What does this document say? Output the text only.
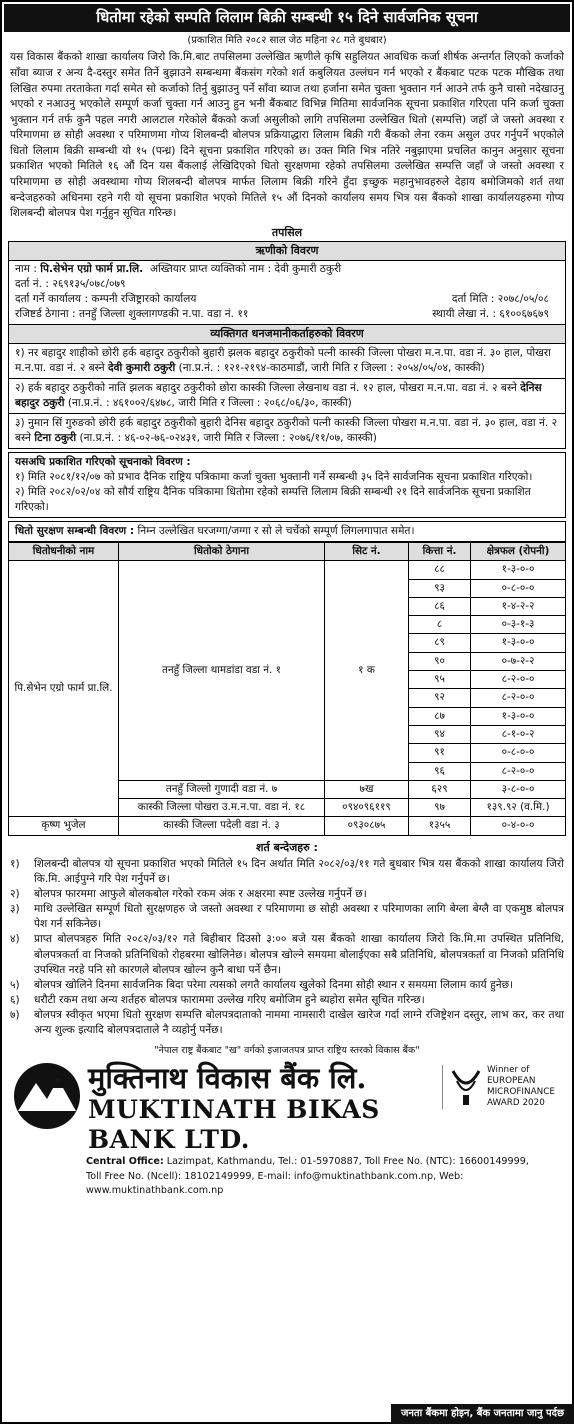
धितोमा रहेको सम्पति लिलाम बिक्री सम्बन्धी १५ दिने सार्वजनिक सूचना
(प्रकाशित मिति २०८२ साल जेठ महिना २८ गते बुधबार)
यस विकास बैंकको शाखा कार्यालय जिरो कि.मि.बाट तपसिलमा उल्लेखित ऋणीले कृषि सहुलियत आवधिक कर्जा शीर्षक अन्तर्गत लिएको कर्जाको साँवा ब्याज र अन्य दै-दस्तुर समेत तिर्ने बुझाउने सम्बन्धमा बैंकसंग गरेको शर्त कबुलियत उल्लंघन गर्न भएको र बैंकबाट पटक पटक मौखिक तथा लिखित रुपमा तरताकेता गर्दा समेत सो कर्जाको तिर्नु बुझाउनु पर्ने साँवा ब्याज तथा हर्जाना समेत चुक्ता भुक्तान गर्न आउने तर्फ कुनै चासो नदेखाउनु भएको र नआउनु भएकोले सम्पूर्ण कर्जा चुक्ता गर्न आउनु हुन भनी बैंकबाट विभिन्न मितिमा सार्वजनिक सूचना प्रकाशित गरिएता पनि कर्जा चुक्ता भुक्तान गर्न तर्फ कुनै पहल नगरी आलटाल गरेकोले बैंकको कर्जा असुलीको लागि तपसिलमा उल्लेखित धितो (सम्पत्ति) जहाँ जे जस्तो अवस्था र परिमाणमा छ सोही अवस्था र परिमाणमा गोप्य शिलबन्दी बोलपत्र प्रक्रियाद्धारा लिलाम बिक्री गरी बैंकको लेना रकम असुल उपर गर्नुपर्ने भएकोले धितो लिलाम बिक्री सम्बन्धी यो १५ (पन्ध्र) दिने सूचना प्रकाशित गरिएको छ। उक्त मिति भित्र नतिरे नबुझाएमा प्रचलित कानुन अनुसार सूचना प्रकाशित भएको मितिले १६ औं दिन यस बैंकलाई लेखिदिएको धितो सुरक्षणमा रहेको तपसिलमा उल्लेखित सम्पत्ति जहाँ जे जस्तो अवस्था र परिमाणमा छ सोही अवस्थामा गोप्य शिलबन्दी बोलपत्र मार्फत लिलाम बिक्री गरिने हुँदा इच्छुक महानुभावहरुले देहाय बमोजिमको शर्त तथा बन्देजहरुको अधिनमा रहने गरी यो सूचना प्रकाशित भएको मितिले १५ औं दिनको कार्यालय समय भित्र यस बैंकको शाखा कार्यालयहरुमा गोप्य शिलबन्दी बोलपत्र पेश गर्नुहुन सूचित गरिन्छ।
तपसिल
ऋणीको विवरण
नाम : पि.सेभेन एग्रो फार्म प्रा.लि. अख्तियार प्राप्त व्यक्तिको नाम : देवी कुमारी ठकुरी
दर्ता नं. : २६९१३५/०७८/०७९
दर्ता गर्ने कार्यालय : कम्पनी रजिष्ट्रारको कार्यालय	दर्ता मिति : २०७८/०५/०८
रजिष्टर्ड ठेगाना : तनहुँ जिल्ला शुक्लागण्डकी न.पा. वडा नं. ११	स्थायी लेखा नं. : ६१००६७६७९
व्यक्तिगत धनजमानीकर्ताहरुको विवरण
१) नर बहादुर शाहीको छोरी हर्क बहादुर ठकुरीको बुहारी झलक बहादुर ठकुरीको पत्नी कास्की जिल्ला पोखरा म.न.पा. वडा नं. ३० हाल, पोखरा म.न.पा. वडा नं. २ बस्ने देवी कुमारी ठकुरी (ना.प्र.नं. : १२१-२१९४-काठमाडौं, जारी मिति र जिल्ला : २०५४/०५/०४, कास्की)
२) हर्क बहादुर ठकुरीको नाति झलक बहादुर ठकुरीको छोरा कास्की जिल्ला लेखनाथ वडा नं. १२ हाल, पोखरा म.न.पा. वडा नं. २ बस्ने देनिस बहादुर ठकुरी (ना.प्र.नं. : ४६१००२/६४७८, जारी मिति र जिल्ला : २०६८/०६/३०, कास्की)
३) नुमान सिं गुरुङको छोरी हर्क बहादुर ठकुरीको बुहारी देनिस बहादुर ठकुरीको पत्नी कास्की जिल्ला पोखरा म.न.पा. वडा नं. ३० हाल, वडा नं. २ बस्ने टिना ठकुरी (ना.प्र.नं. : ४६-०२-७६-०२४३१, जारी मिति र जिल्ला : २०७६/११/०७, कास्की)
यसअघि प्रकाशित गरिएको सूचनाको विवरण :
१) मिति २०८१/१२/०७ को प्रभाव दैनिक राष्ट्रिय पत्रिकामा कर्जा चुक्ता भुक्तानी गर्ने सम्बन्धी ३५ दिने सार्वजनिक सूचना प्रकाशित गरिएको।
२) मिति २०८२/०२/०४ को सौर्य राष्ट्रिय दैनिक पत्रिकामा धितोमा रहेको सम्पत्ति लिलाम बिक्री सम्बन्धी २१ दिने सार्वजनिक सूचना प्रकाशित गरिएको।
धितो सुरक्षण सम्बन्धी विवरण : निम्न उल्लेखित घरजग्गा/जग्गा र सो ले चर्चेको सम्पूर्ण लिगलगापात समेत।
धितोधनीको नाम	धितोको ठेगाना	सिट नं.	कित्ता नं.	क्षेत्रफल (रोपनी)
पि.सेभेन एग्रो फार्म प्रा.लि.	तनहुँ जिल्ला थामडांडा वडा नं. १	१ क	८८	१-३-०-०
			९३	०-८-०-०
			८६	१-४-२-२
			८	०-३-१-३
			८९	१-३-०-०
			९०	०-७-२-२
			९५	८-२-०-०
			९२	८-२-०-०
			८७	१-३-०-०
			९४	८-१-०-२
			९१	०-८-०-०
			९६	८-२-०-०
	तनहुँ जिल्लो गुणादी वडा नं. ७	७ख	६२९	३-८-०-०
	कास्की जिल्ला पोखरा उ.म.न.पा. वडा नं. १८	०९४०९६११९	९७	१३९.९२ (व.मि.)
कृष्ण भुजेल	कास्की जिल्ला पदेली वडा नं. ३	०९३०८७५	१३५५	०-४-०-०
शर्त बन्देजहरु :
१)	शिलबन्दी बोलपत्र यो सूचना प्रकाशित भएको मितिले १५ दिन अर्थात मिति २०८२/०३/११ गते बुधबार भित्र यस बैंकको शाखा कार्यालय जिरो कि.मि. आईपुग्ने गरि पेश गर्नुपर्ने छ।
२)	बोलपत्र फारममा आफुले बोलकबोल गरेको रकम अंक र अक्षरमा स्पष्ट उल्लेख गर्नुपर्ने छ।
३)	माथि उल्लेखित सम्पूर्ण धितो सुरक्षणहरु जे जस्तो अवस्था र परिमाणमा छ सोही अवस्था र परिमाणका लागि बेग्ला बेग्लै वा एकमुष्ठ बोलपत्र पेश गर्न सकिनेछ।
४)	प्राप्त बोलपत्रहरु मिति २०८२/०३/१२ गते बिहीबार दिउसो ३:०० बजे यस बैंकको शाखा कार्यालय जिरो कि.मि.मा उपस्थित प्रतिनिधि, बोलपत्रकर्ता वा निजको प्रतिनिधिको रोहबरमा खोलिनेछ। बोलपत्र खोल्ने समयमा बोलाईएका सबै प्रतिनिधि, बोलपत्रकर्ता वा निजको प्रतिनिधि उपस्थित नरहे पनि सो कारणले बोलपत्र खोल्न कुनै बाधा पर्ने छैन।
५)	बोलपत्र खोलिने दिनमा सार्वजनिक बिदा परेमा त्यसको लगतै कार्यालय खुलेको दिनमा सोही स्थान र समयमा लिलाम कार्य हुनेछ।
६)	धरौटी रकम तथा अन्य शर्तहरु बोलपत्र फाराममा उल्लेख गरिए बमोजिम हुने ब्यहोरा समेत सूचित गरिन्छ।
७)	बोलपत्र स्वीकृत भएमा धितो सुरक्षण सम्पत्ति बोलपत्रदाताको नाममा नामसारी दाखेल खारेज गर्दा लाग्ने रजिष्ट्रेशन दस्तुर, लाभ कर, कर तथा अन्य शुल्क इत्यादि बोलपत्रदाताले नै व्यहोर्नु पर्नेछ।
"नेपाल राष्ट्र बैंकबाट "ख" वर्गको इजाजतपत्र प्राप्त राष्ट्रिय स्तरको विकास बैंक"
मुक्तिनाथ विकास बैंक लि.
MUKTINATH BIKAS BANK LTD.
Winner of
EUROPEAN
MICROFINANCE
AWARD 2020
Central Office: Lazimpat, Kathmandu, Tel.: 01-5970887, Toll Free No. (NTC): 16600149999,
Toll Free No. (Ncell): 18102149999, E-mail: info@muktinathbank.com.np, Web: www.muktinathbank.com.np
जनता बैंकमा होइन, बैंक जनतामा जानु पर्दछ
